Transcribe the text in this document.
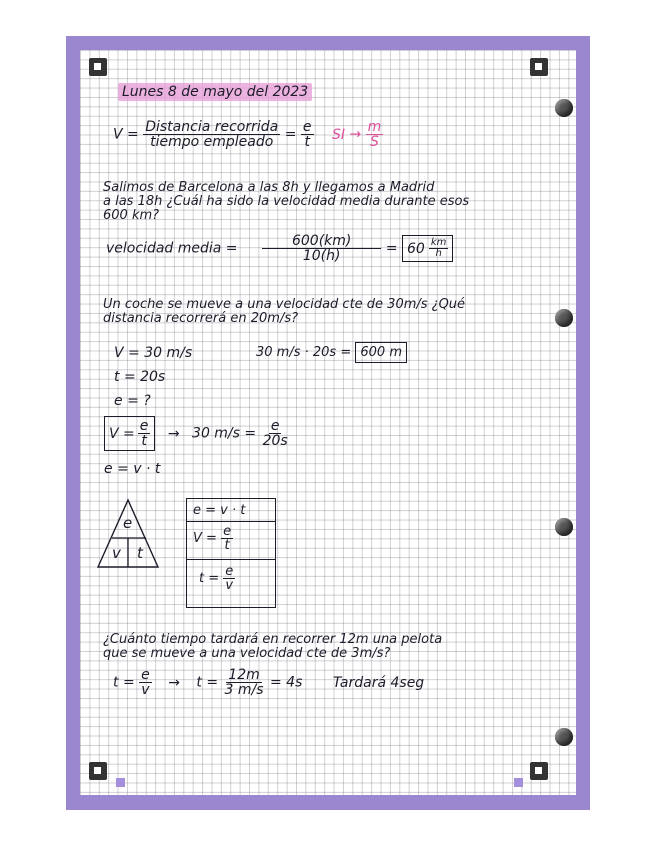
Lunes 8 de mayo del 2023
$V = \frac{\text{Distancia recorrida}}{\text{tiempo empleado}} = \frac{e}{t}$ SI → $\frac{m}{S}$
Salimos de Barcelona a las 8h y llegamos a Madrid
a las 18h ¿Cuál ha sido la velocidad media durante esos
600 km?
velocidad media = $\frac{600(km)}{10(h)} = 60 \frac{km}{h}$
Un coche se mueve a una velocidad cte de 30m/s ¿Qué
distancia recorrerá en 20m/s?
V = 30 m/s	30 m/s · 20s = 600 m
t = 20s
e = ?
$V = \frac{e}{t} \to 30$ $m/s = \frac{e}{20s}$
e = v · t
e
v t
e = v · t
$V = \frac{e}{t}$
$t = \frac{e}{v}$
¿Cuánto tiempo tardará en recorrer 12m una pelota
que se mueve a una velocidad cte de 3m/s?
$t = \frac{e}{v} \to t = \frac{12m}{3 m/s} = 4s$ Tardará 4seg
